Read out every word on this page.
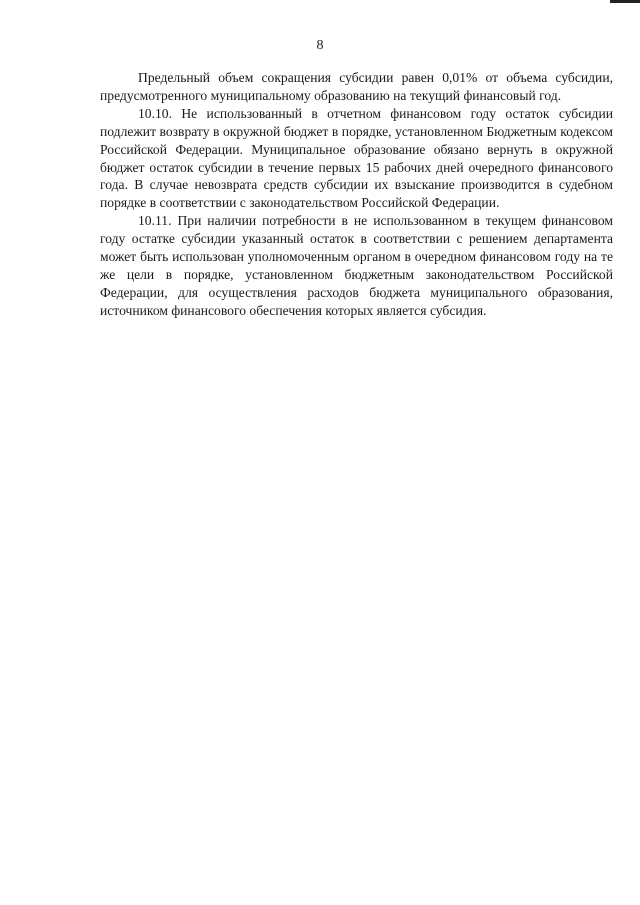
8

Предельный объем сокращения субсидии равен 0,01% от объема субсидии, предусмотренного муниципальному образованию на текущий финансовый год.

10.10. Не использованный в отчетном финансовом году остаток субсидии подлежит возврату в окружной бюджет в порядке, установленном Бюджетным кодексом Российской Федерации. Муниципальное образование обязано вернуть в окружной бюджет остаток субсидии в течение первых 15 рабочих дней очередного финансового года. В случае невозврата средств субсидии их взыскание производится в судебном порядке в соответствии с законодательством Российской Федерации.

10.11. При наличии потребности в не использованном в текущем финансовом году остатке субсидии указанный остаток в соответствии с решением департамента может быть использован уполномоченным органом в очередном финансовом году на те же цели в порядке, установленном бюджетным законодательством Российской Федерации, для осуществления расходов бюджета муниципального образования, источником финансового обеспечения которых является субсидия.
